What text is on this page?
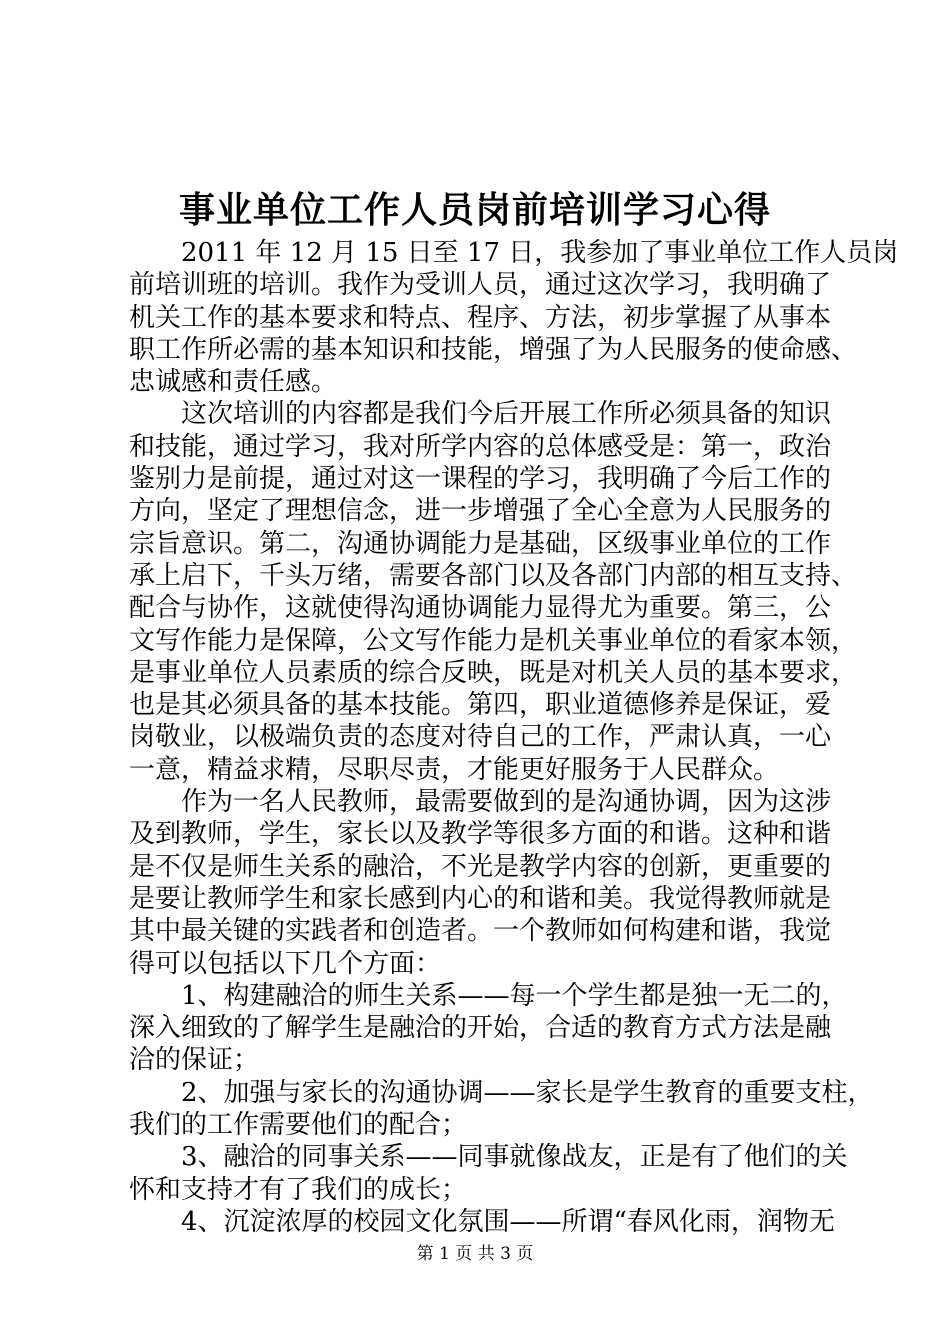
事业单位工作人员岗前培训学习心得
2011 年 12 月 15 日至 17 日，我参加了事业单位工作人员岗
前培训班的培训。我作为受训人员，通过这次学习，我明确了
机关工作的基本要求和特点、程序、方法，初步掌握了从事本
职工作所必需的基本知识和技能，增强了为人民服务的使命感、
忠诚感和责任感。
这次培训的内容都是我们今后开展工作所必须具备的知识
和技能，通过学习，我对所学内容的总体感受是：第一，政治
鉴别力是前提，通过对这一课程的学习，我明确了今后工作的
方向，坚定了理想信念，进一步增强了全心全意为人民服务的
宗旨意识。第二，沟通协调能力是基础，区级事业单位的工作
承上启下，千头万绪，需要各部门以及各部门内部的相互支持、
配合与协作，这就使得沟通协调能力显得尤为重要。第三，公
文写作能力是保障，公文写作能力是机关事业单位的看家本领，
是事业单位人员素质的综合反映，既是对机关人员的基本要求，
也是其必须具备的基本技能。第四，职业道德修养是保证，爱
岗敬业，以极端负责的态度对待自己的工作，严肃认真，一心
一意，精益求精，尽职尽责，才能更好服务于人民群众。
作为一名人民教师，最需要做到的是沟通协调，因为这涉
及到教师，学生，家长以及教学等很多方面的和谐。这种和谐
是不仅是师生关系的融洽，不光是教学内容的创新，更重要的
是要让教师学生和家长感到内心的和谐和美。我觉得教师就是
其中最关键的实践者和创造者。一个教师如何构建和谐，我觉
得可以包括以下几个方面：
1、构建融洽的师生关系——每一个学生都是独一无二的，
深入细致的了解学生是融洽的开始，合适的教育方式方法是融
洽的保证；
2、加强与家长的沟通协调——家长是学生教育的重要支柱，
我们的工作需要他们的配合；
3、融洽的同事关系——同事就像战友，正是有了他们的关
怀和支持才有了我们的成长；
4、沉淀浓厚的校园文化氛围——所谓“春风化雨，润物无
第 1 页 共 3 页
